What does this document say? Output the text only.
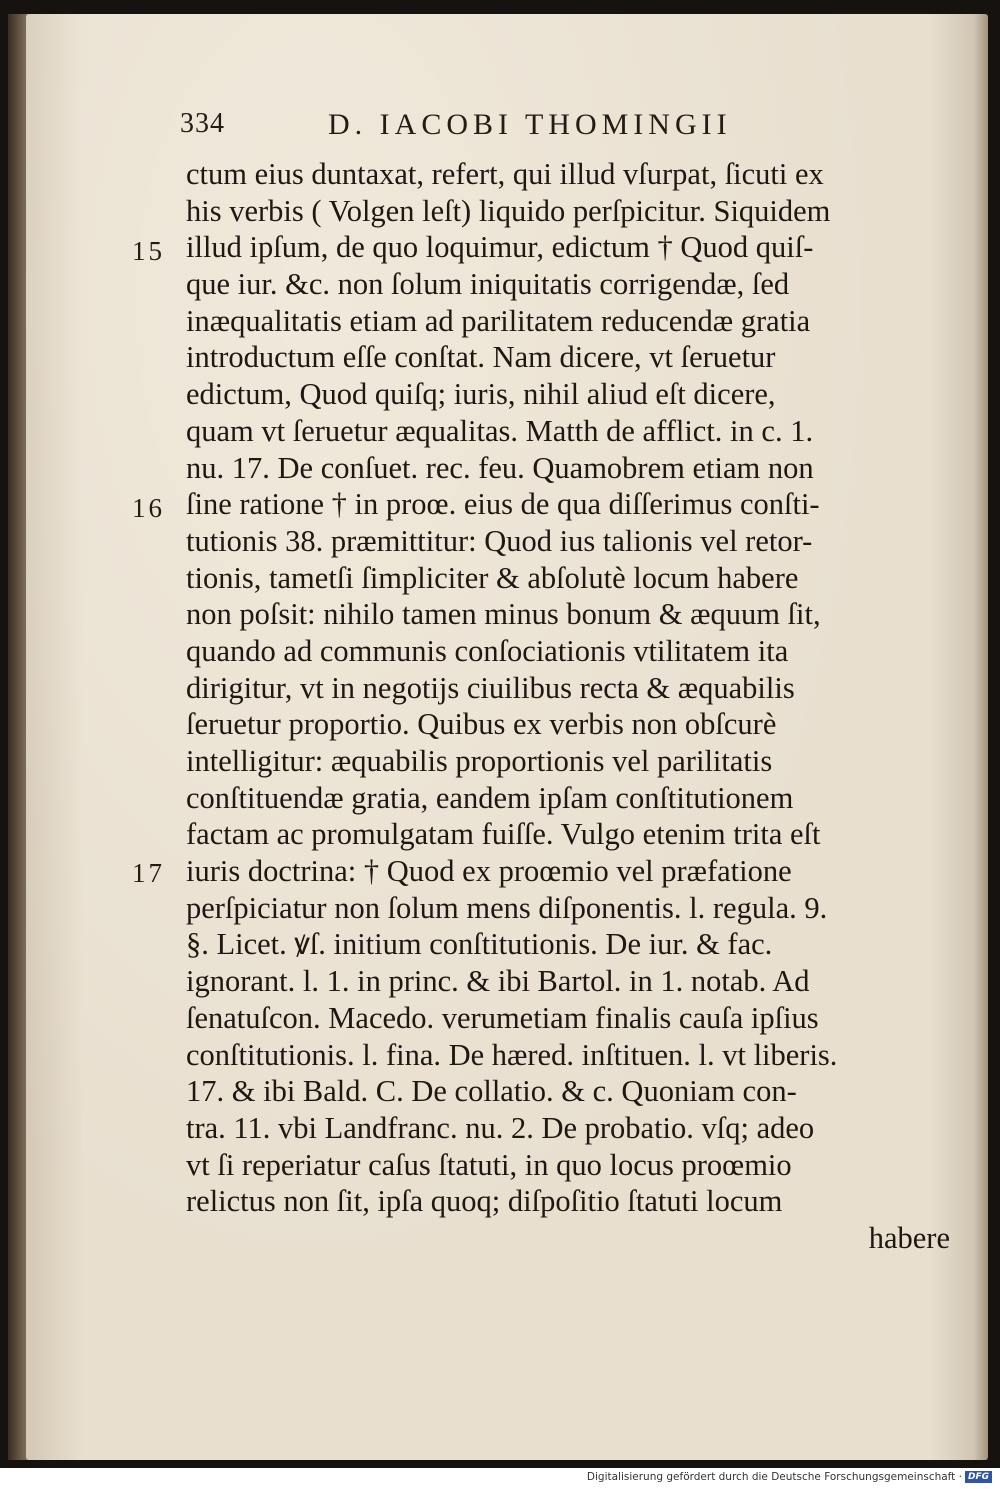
334	D. IACOBI THOMINGII
15
16
17
ctum eius duntaxat, refert, qui illud vſurpat, ſicuti ex
his verbis ( Volgen leſt) liquido perſpicitur. Siquidem
illud ipſum, de quo loquimur, edictum † Quod quiſ-
que iur. &c. non ſolum iniquitatis corrigendæ, ſed
inæqualitatis etiam ad parilitatem reducendæ gratia
introductum eſſe conſtat. Nam dicere, vt ſeruetur
edictum, Quod quiſq; iuris, nihil aliud eſt dicere,
quam vt ſeruetur æqualitas. Matth de afflict. in c. 1.
nu. 17. De conſuet. rec. feu. Quamobrem etiam non
ſine ratione † in proœ. eius de qua diſſerimus conſti-
tutionis 38. præmittitur: Quod ius talionis vel retor-
tionis, tametſi ſimpliciter & abſolutè locum habere
non poſsit: nihilo tamen minus bonum & æquum ſit,
quando ad communis conſociationis vtilitatem ita
dirigitur, vt in negotijs ciuilibus recta & æquabilis
ſeruetur proportio. Quibus ex verbis non obſcurè
intelligitur: æquabilis proportionis vel parilitatis
conſtituendæ gratia, eandem ipſam conſtitutionem
factam ac promulgatam fuiſſe. Vulgo etenim trita eſt
iuris doctrina: † Quod ex proœmio vel præfatione
perſpiciatur non ſolum mens diſponentis. l. regula. 9.
§. Licet. ꝟſ. initium conſtitutionis. De iur. & fac.
ignorant. l. 1. in princ. & ibi Bartol. in 1. notab. Ad
ſenatuſcon. Macedo. verumetiam finalis cauſa ipſius
conſtitutionis. l. fina. De hæred. inſtituen. l. vt liberis.
17. & ibi Bald. C. De collatio. & c. Quoniam con-
tra. 11. vbi Landfranc. nu. 2. De probatio. vſq; adeo
vt ſi reperiatur caſus ſtatuti, in quo locus proœmio
relictus non ſit, ipſa quoq; diſpoſitio ſtatuti locum
habere
Digitalisierung gefördert durch die Deutsche Forschungsgemeinschaft · DFG
